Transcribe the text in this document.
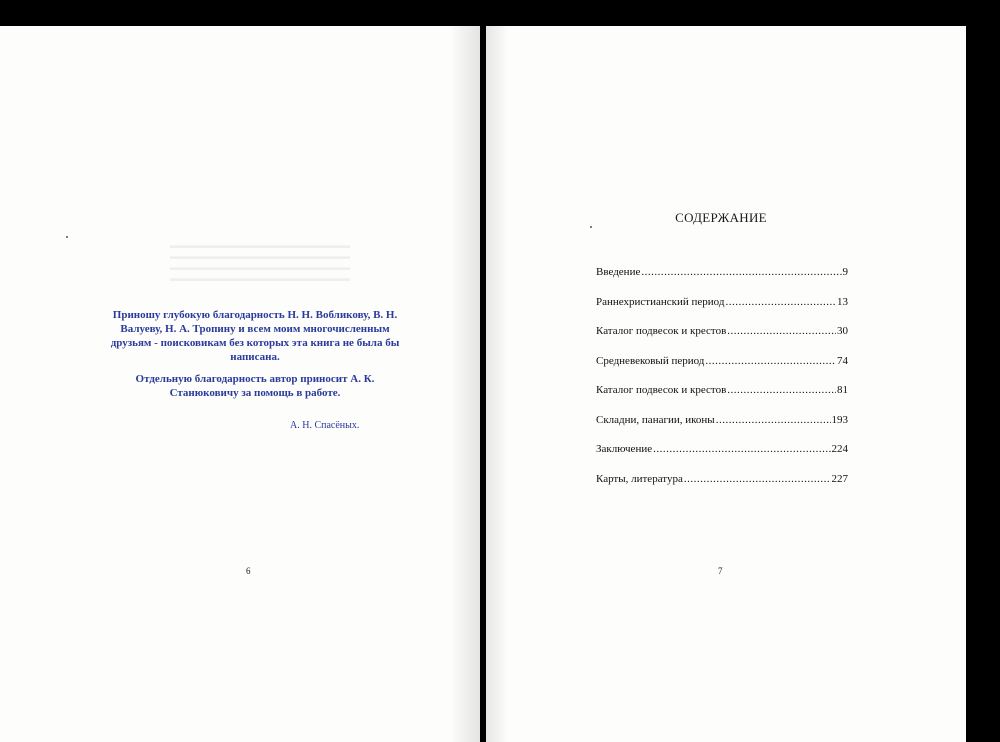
▬▬▬▬▬▬▬▬▬▬▬▬▬▬▬▬▬▬▬▬
▬▬▬▬▬▬▬▬▬▬▬▬▬▬▬▬▬▬▬▬
▬▬▬▬▬▬▬▬▬▬▬▬▬▬▬▬▬▬▬▬
▬▬▬▬▬▬▬▬▬▬▬▬▬▬▬▬▬▬▬▬

Приношу глубокую благодарность Н. Н. Вобликову, В. Н. Валуеву, Н. А. Тропину и всем моим многочисленным друзьям - поисковикам без которых эта книга не была бы написана.

Отдельную благодарность автор приносит А. К. Станюковичу за помощь в работе.

А. Н. Спасёных.
6
СОДЕРЖАНИЕ
Введение .....	9
Раннехристианский период .....	13
Каталог подвесок и крестов .....	30
Средневековый период .....	74
Каталог подвесок и крестов .....	81
Складни, панагии, иконы .....	193
Заключение .....	224
Карты, литература .....	227
7
